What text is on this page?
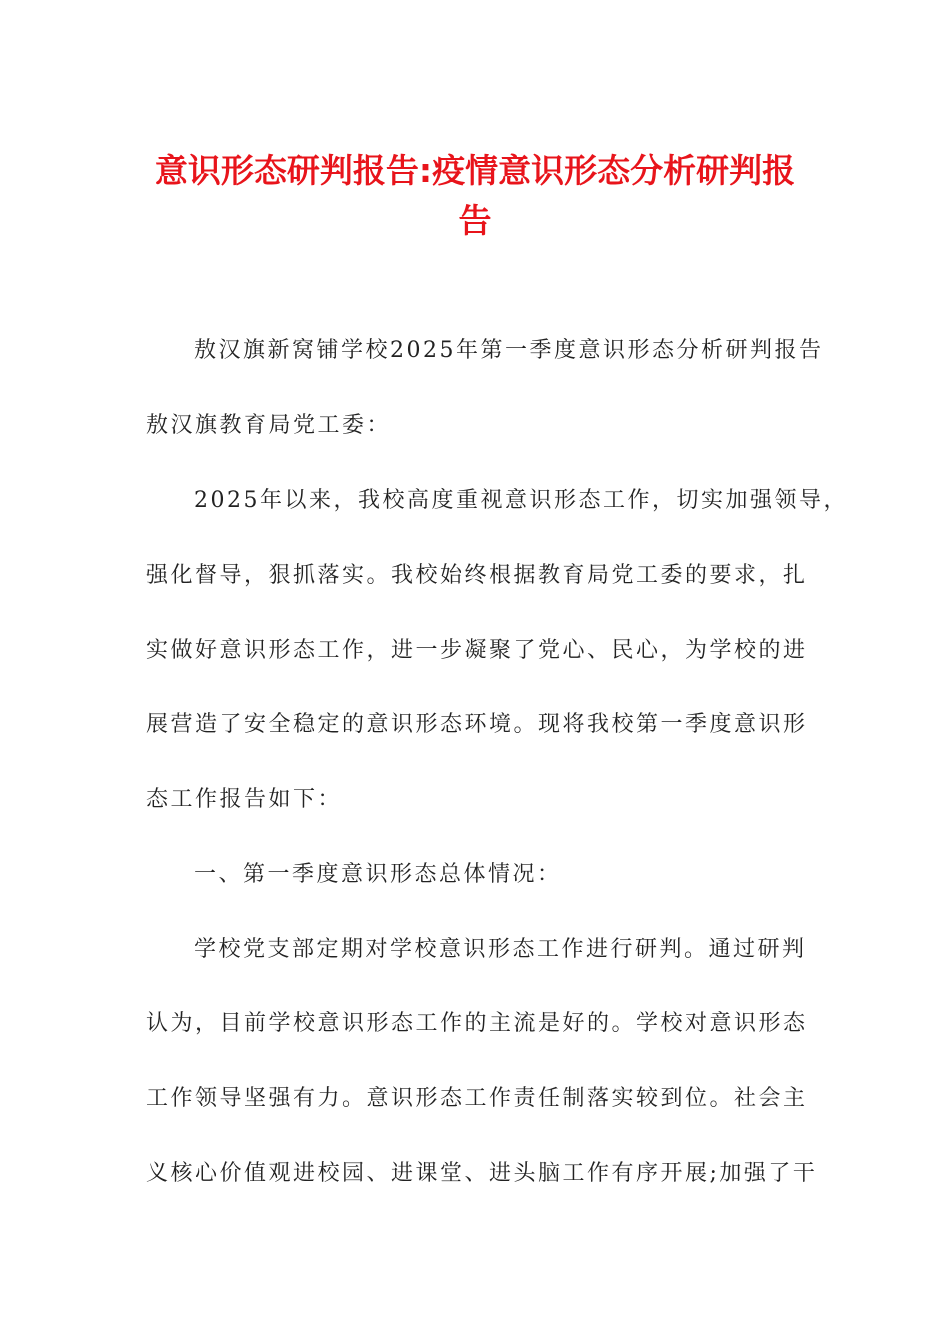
意识形态研判报告:疫情意识形态分析研判报
告
敖汉旗新窝铺学校2025年第一季度意识形态分析研判报告
敖汉旗教育局党工委：
2025年以来，我校高度重视意识形态工作，切实加强领导，
强化督导，狠抓落实。我校始终根据教育局党工委的要求，扎
实做好意识形态工作，进一步凝聚了党心、民心，为学校的进
展营造了安全稳定的意识形态环境。现将我校第一季度意识形
态工作报告如下：
一、第一季度意识形态总体情况：
学校党支部定期对学校意识形态工作进行研判。通过研判
认为，目前学校意识形态工作的主流是好的。学校对意识形态
工作领导坚强有力。意识形态工作责任制落实较到位。社会主
义核心价值观进校园、进课堂、进头脑工作有序开展;加强了干
